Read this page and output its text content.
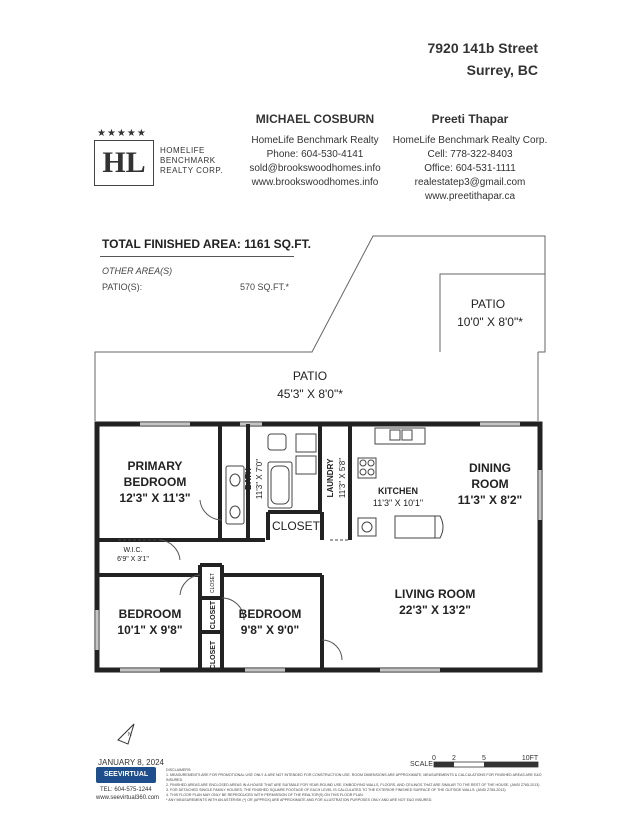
7920 141b Street
Surrey, BC
★★★★★
HL	HOMELIFE
BENCHMARK
REALTY CORP.
MICHAEL COSBURN
HomeLife Benchmark Realty
Phone: 604-530-4141
sold@brookswoodhomes.info
www.brookswoodhomes.info
Preeti Thapar
HomeLife Benchmark Realty Corp.
Cell: 778-322-8403
Office: 604-531-1111
realestatep3@gmail.com
www.preetithapar.ca
TOTAL FINISHED AREA: 1161 SQ.FT.
OTHER AREA(S)
PATIO(S):	570 SQ.FT.*
PATIO
10'0" X 8'0"*
PATIO
45'3" X 8'0"*
PRIMARY
BEDROOM
12'3" X 11'3"
DINING
ROOM
11'3" X 8'2"
KITCHEN
11'3" X 10'1"
CLOSET
W.I.C.
6'9" X 3'1"
BEDROOM
10'1" X 9'8"
BEDROOM
9'8" X 9'0"
LIVING ROOM
22'3" X 13'2"
BATH 11'3" X 7'0"	LAUNDRY 11'3" X 5'8"
CLOSET
CLOSET
CLOSET
N
0 2	5	10FT
JANUARY 8, 2024
SEEVIRTUAL
TEL: 604-575-1244
www.seevirtual360.com
SCALE
DISCLAIMERS:
1. MEASUREMENTS ARE FOR PROMOTIONAL USE ONLY & ARE NOT INTENDED FOR CONSTRUCTION USE. ROOM DIMENSIONS ARE APPROXIMATE, MEASUREMENTS & CALCULATIONS FOR FINISHED AREAS ARE E&O INSURED.
2. FINISHED AREAS ARE ENCLOSED AREAS IN A HOUSE THAT ARE SUITABLE FOR YEAR-ROUND USE, EMBODYING WALLS, FLOORS, AND CEILINGS THAT ARE SIMILAR TO THE REST OF THE HOUSE. (ANSI Z765-2013)
3. FOR DETACHED SINGLE FAMILY HOUSES, THE FINISHED SQUARE FOOTAGE OF EACH LEVEL IS CALCULATED TO THE EXTERIOR FINISHED SURFACE OF THE OUTSIDE WALLS. (ANSI Z765-2013)
4. THIS FLOOR PLAN MAY ONLY BE REPRODUCED WITH PERMISSION OF THE REALTOR(S) ON THIS FLOOR PLAN.
* ANY MEASUREMENTS WITH AN ASTERISK (*) OR (APPROX) ARE APPROXIMATE AND FOR ILLUSTRATION PURPOSES ONLY AND ARE NOT E&O INSURED.
